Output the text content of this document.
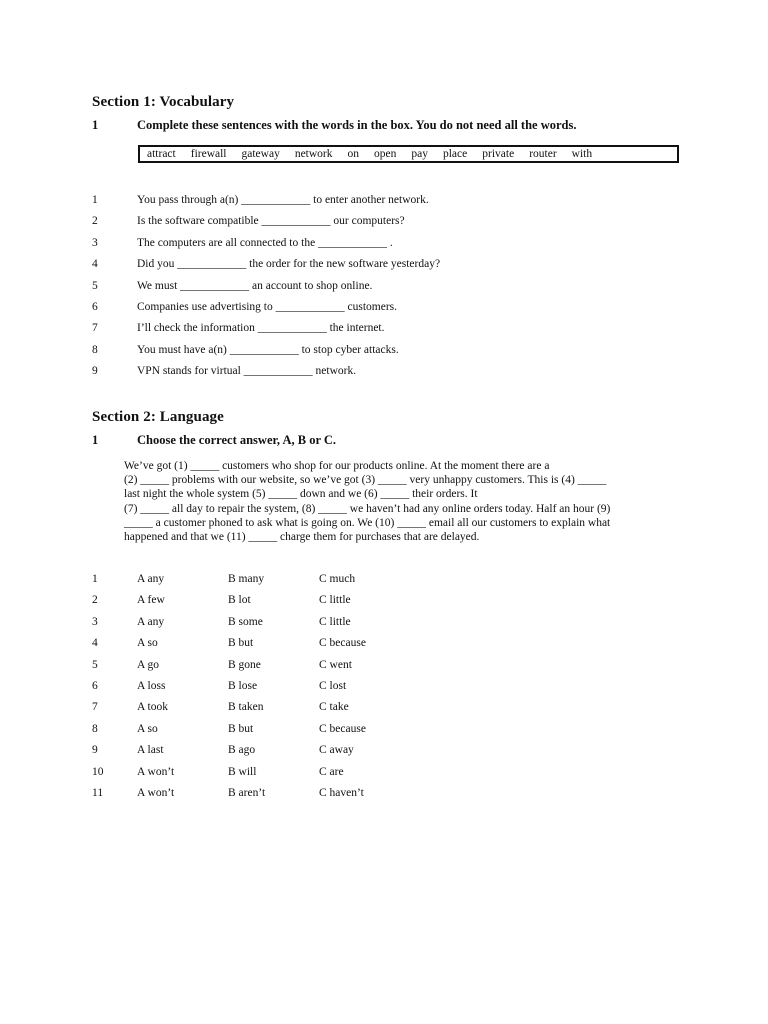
Section 1: Vocabulary
1	Complete these sentences with the words in the box. You do not need all the words.
attract firewall gateway network on open pay place private router with
1	You pass through a(n) ____________ to enter another network.
2	Is the software compatible ____________ our computers?
3	The computers are all connected to the ____________ .
4	Did you ____________ the order for the new software yesterday?
5	We must ____________ an account to shop online.
6	Companies use advertising to ____________ customers.
7	I’ll check the information ____________ the internet.
8	You must have a(n) ____________ to stop cyber attacks.
9	VPN stands for virtual ____________ network.
Section 2: Language
1	Choose the correct answer, A, B or C.
We’ve got (1) _____ customers who shop for our products online. At the moment there are a
(2) _____ problems with our website, so we’ve got (3) _____ very unhappy customers. This is (4) _____
last night the whole system (5) _____ down and we (6) _____ their orders. It
(7) _____ all day to repair the system, (8) _____ we haven’t had any online orders today. Half an hour (9)
_____ a customer phoned to ask what is going on. We (10) _____ email all our customers to explain what
happened and that we (11) _____ charge them for purchases that are delayed.
1	A any	B many	C much
2	A few	B lot	C little
3	A any	B some	C little
4	A so	B but	C because
5	A go	B gone	C went
6	A loss	B lose	C lost
7	A took	B taken	C take
8	A so	B but	C because
9	A last	B ago	C away
10	A won’t	B will	C are
11	A won’t	B aren’t	C haven’t
